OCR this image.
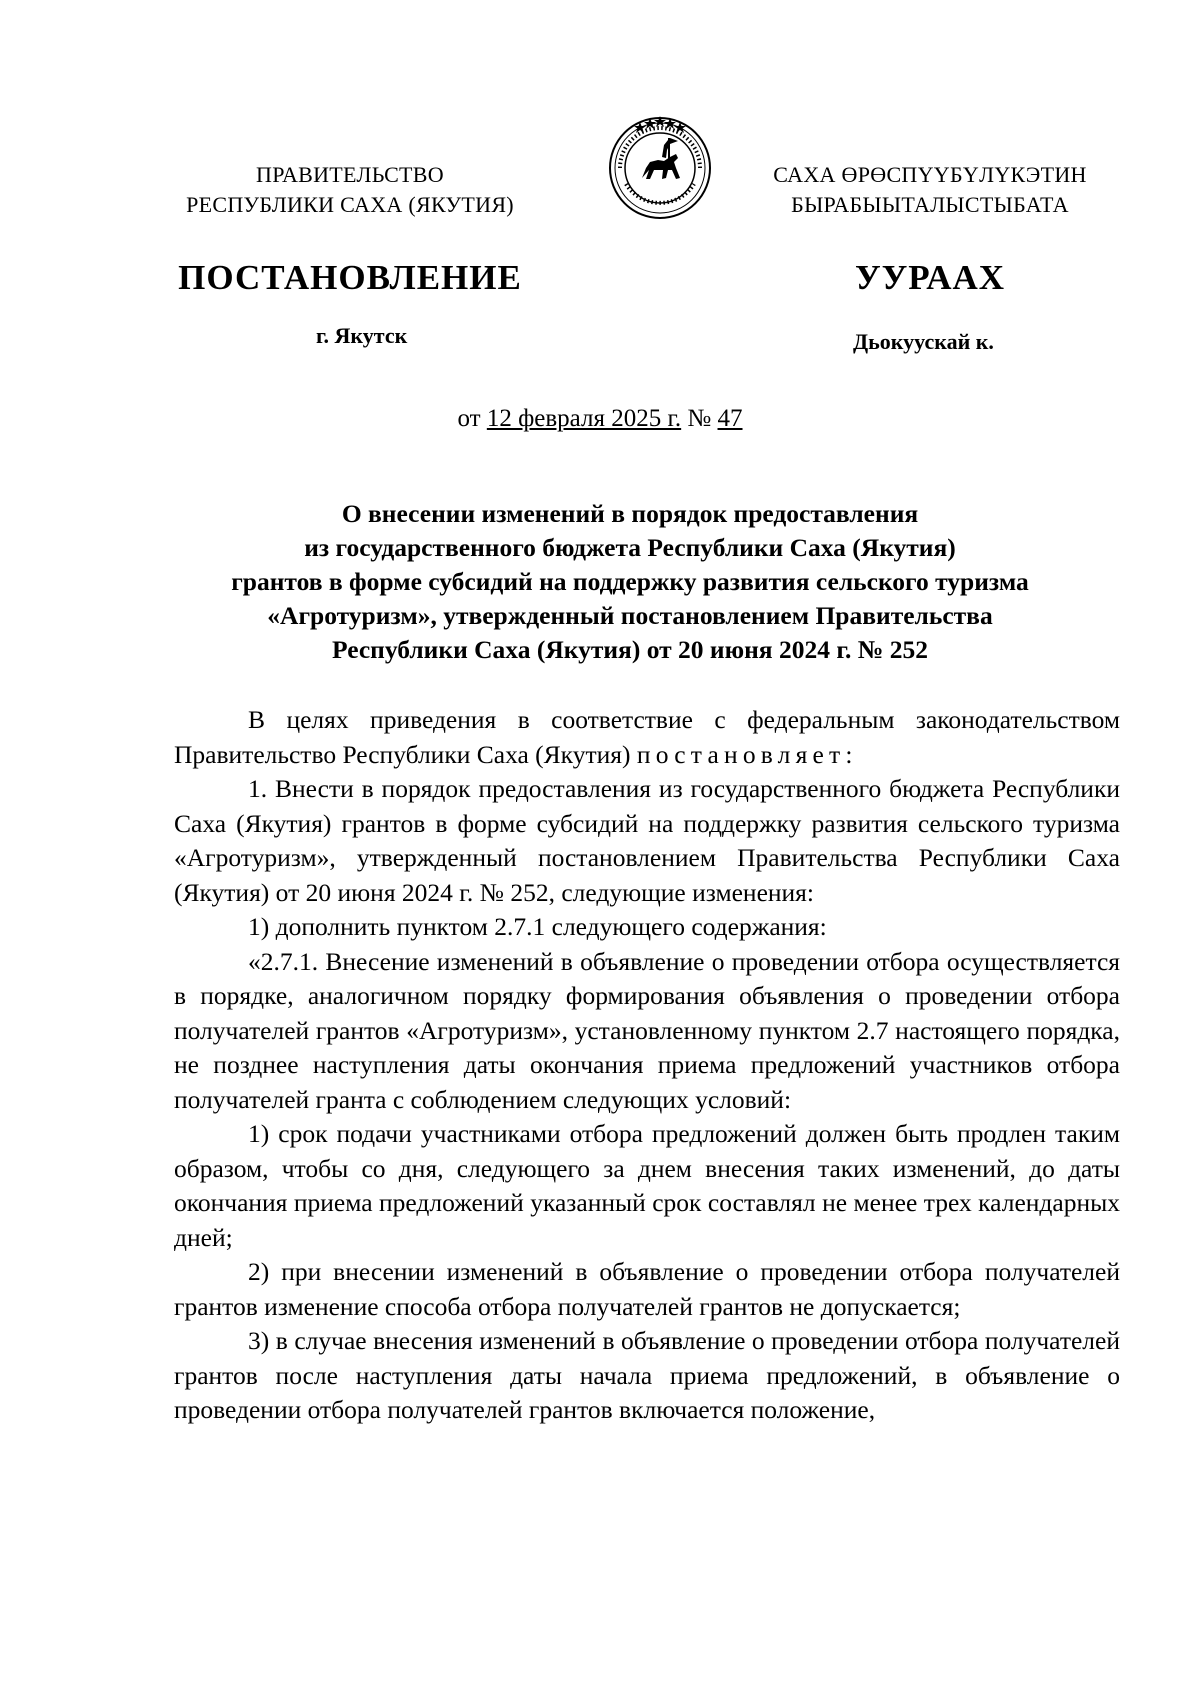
ПРАВИТЕЛЬСТВО
РЕСПУБЛИКИ САХА (ЯКУТИЯ)
САХА ӨРӨСПҮҮБҮЛҮКЭТИН
БЫРАБЫЫТАЛЫСТЫБАТА
ПОСТАНОВЛЕНИЕ	УУРААХ
г. Якутск	Дьокуускай к.
от 12 февраля 2025 г. № 47
О внесении изменений в порядок предоставления
из государственного бюджета Республики Саха (Якутия)
грантов в форме субсидий на поддержку развития сельского туризма
«Агротуризм», утвержденный постановлением Правительства
Республики Саха (Якутия) от 20 июня 2024 г. № 252

В целях приведения в соответствие с федеральным законодательством Правительство Республики Саха (Якутия) постановляет:

1. Внести в порядок предоставления из государственного бюджета Республики Саха (Якутия) грантов в форме субсидий на поддержку развития сельского туризма «Агротуризм», утвержденный постановлением Правительства Республики Саха (Якутия) от 20 июня 2024 г. № 252, следующие изменения:

1) дополнить пунктом 2.7.1 следующего содержания:

«2.7.1. Внесение изменений в объявление о проведении отбора осуществляется в порядке, аналогичном порядку формирования объявления о проведении отбора получателей грантов «Агротуризм», установленному пунктом 2.7 настоящего порядка, не позднее наступления даты окончания приема предложений участников отбора получателей гранта с соблюдением следующих условий:

1) срок подачи участниками отбора предложений должен быть продлен таким образом, чтобы со дня, следующего за днем внесения таких изменений, до даты окончания приема предложений указанный срок составлял не менее трех календарных дней;

2) при внесении изменений в объявление о проведении отбора получателей грантов изменение способа отбора получателей грантов не допускается;

3) в случае внесения изменений в объявление о проведении отбора получателей грантов после наступления даты начала приема предложений, в объявление о проведении отбора получателей грантов включается положение,
